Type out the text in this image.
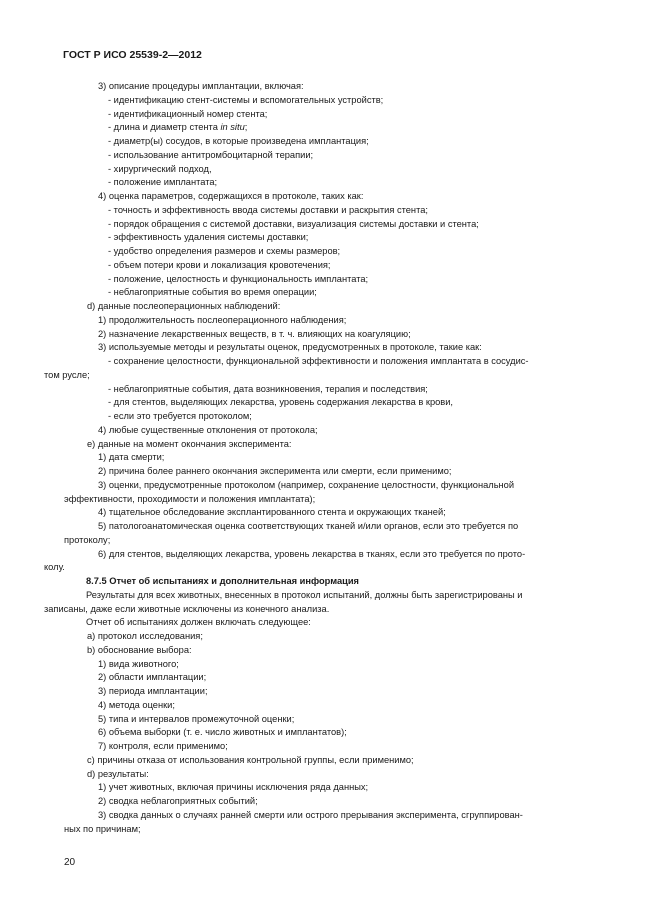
ГОСТ Р ИСО 25539-2—2012
3) описание процедуры имплантации, включая:
- идентификацию стент-системы и вспомогательных устройств;
- идентификационный номер стента;
- длина и диаметр стента in situ;
- диаметр(ы) сосудов, в которые произведена имплантация;
- использование антитромбоцитарной терапии;
- хирургический подход,
- положение имплантата;
4) оценка параметров, содержащихся в протоколе, таких как:
- точность и эффективность ввода системы доставки и раскрытия стента;
- порядок обращения с системой доставки, визуализация системы доставки и стента;
- эффективность удаления системы доставки;
- удобство определения размеров и схемы размеров;
- объем потери крови и локализация кровотечения;
- положение, целостность и функциональность имплантата;
- неблагоприятные события во время операции;
d) данные послеоперационных наблюдений:
1) продолжительность послеоперационного наблюдения;
2) назначение лекарственных веществ, в т. ч. влияющих на коагуляцию;
3) используемые методы и результаты оценок, предусмотренных в протоколе, такие как:
- сохранение целостности, функциональной эффективности и положения имплантата в сосудис-
том русле;
- неблагоприятные события, дата возникновения, терапия и последствия;
- для стентов, выделяющих лекарства, уровень содержания лекарства в крови,
- если это требуется протоколом;
4) любые существенные отклонения от протокола;
e) данные на момент окончания эксперимента:
1) дата смерти;
2) причина более раннего окончания эксперимента или смерти, если применимо;
3) оценки, предусмотренные протоколом (например, сохранение целостности, функциональной
эффективности, проходимости и положения имплантата);
4) тщательное обследование эксплантированного стента и окружающих тканей;
5) патологоанатомическая оценка соответствующих тканей и/или органов, если это требуется по
протоколу;
6) для стентов, выделяющих лекарства, уровень лекарства в тканях, если это требуется по прото-
колу.
8.7.5 Отчет об испытаниях и дополнительная информация
Результаты для всех животных, внесенных в протокол испытаний, должны быть зарегистрированы и
записаны, даже если животные исключены из конечного анализа.
Отчет об испытаниях должен включать следующее:
a) протокол исследования;
b) обоснование выбора:
1) вида животного;
2) области имплантации;
3) периода имплантации;
4) метода оценки;
5) типа и интервалов промежуточной оценки;
6) объема выборки (т. е. число животных и имплантатов);
7) контроля, если применимо;
c) причины отказа от использования контрольной группы, если применимо;
d) результаты:
1) учет животных, включая причины исключения ряда данных;
2) сводка неблагоприятных событий;
3) сводка данных о случаях ранней смерти или острого прерывания эксперимента, сгруппирован-
ных по причинам;
20
